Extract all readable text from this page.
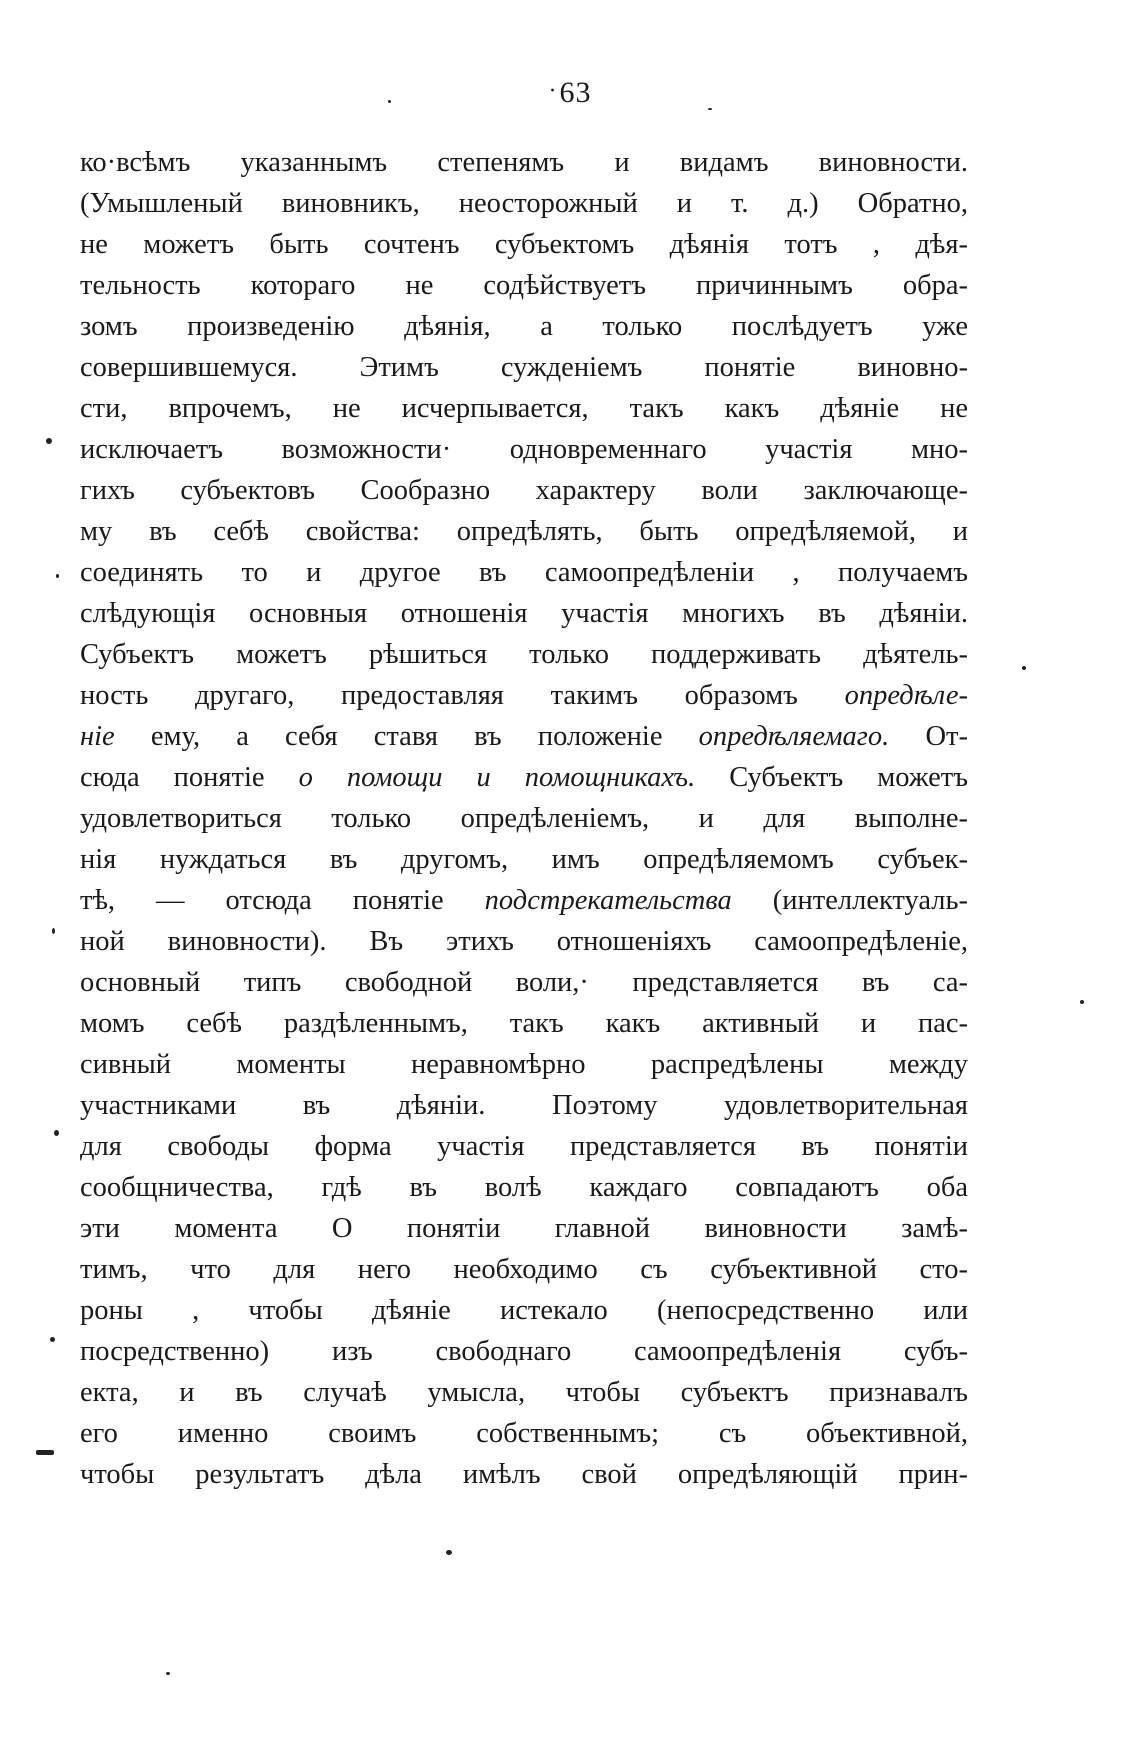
·63
ко·всѣмъ указаннымъ степенямъ и видамъ виновности.
(Умышленый виновникъ, неосторожный и т. д.) Обратно,
не можетъ быть сочтенъ субъектомъ дѣянія тотъ , дѣя-
тельность котораго не содѣйствуетъ причиннымъ обра-
зомъ произведенію дѣянія, а только послѣдуетъ уже
совершившемуся. Этимъ сужденіемъ понятіе виновно-
сти, впрочемъ, не исчерпывается, такъ какъ дѣяніе не
исключаетъ возможности· одновременнаго участія мно-
гихъ субъектовъ Сообразно характеру воли заключающе-
му въ себѣ свойства: опредѣлять, быть опредѣляемой, и
соединять то и другое въ самоопредѣленіи , получаемъ
слѣдующія основныя отношенія участія многихъ въ дѣяніи.
Субъектъ можетъ рѣшиться только поддерживать дѣятель-
ность другаго, предоставляя такимъ образомъ опредѣле-
ніе ему, а себя ставя въ положеніе опредѣляемаго. От-
сюда понятіе о помощи и помощникахъ. Субъектъ можетъ
удовлетвориться только опредѣленіемъ, и для выполне-
нія нуждаться въ другомъ, имъ опредѣляемомъ субъек-
тѣ, — отсюда понятіе подстрекательства (интеллектуаль-
ной виновности). Въ этихъ отношеніяхъ самоопредѣленіе,
основный типъ свободной воли,· представляется въ са-
момъ себѣ раздѣленнымъ, такъ какъ активный и пас-
сивный моменты неравномѣрно распредѣлены между
участниками въ дѣяніи. Поэтому удовлетворительная
для свободы форма участія представляется въ понятіи
сообщничества, гдѣ въ волѣ каждаго совпадаютъ оба
эти момента О понятіи главной виновности замѣ-
тимъ, что для него необходимо съ субъективной сто-
роны , чтобы дѣяніе истекало (непосредственно или
посредственно) изъ свободнаго самоопредѣленія субъ-
екта, и въ случаѣ умысла, чтобы субъектъ признавалъ
его именно своимъ собственнымъ; съ объективной,
чтобы результатъ дѣла имѣлъ свой опредѣляющій прин-
